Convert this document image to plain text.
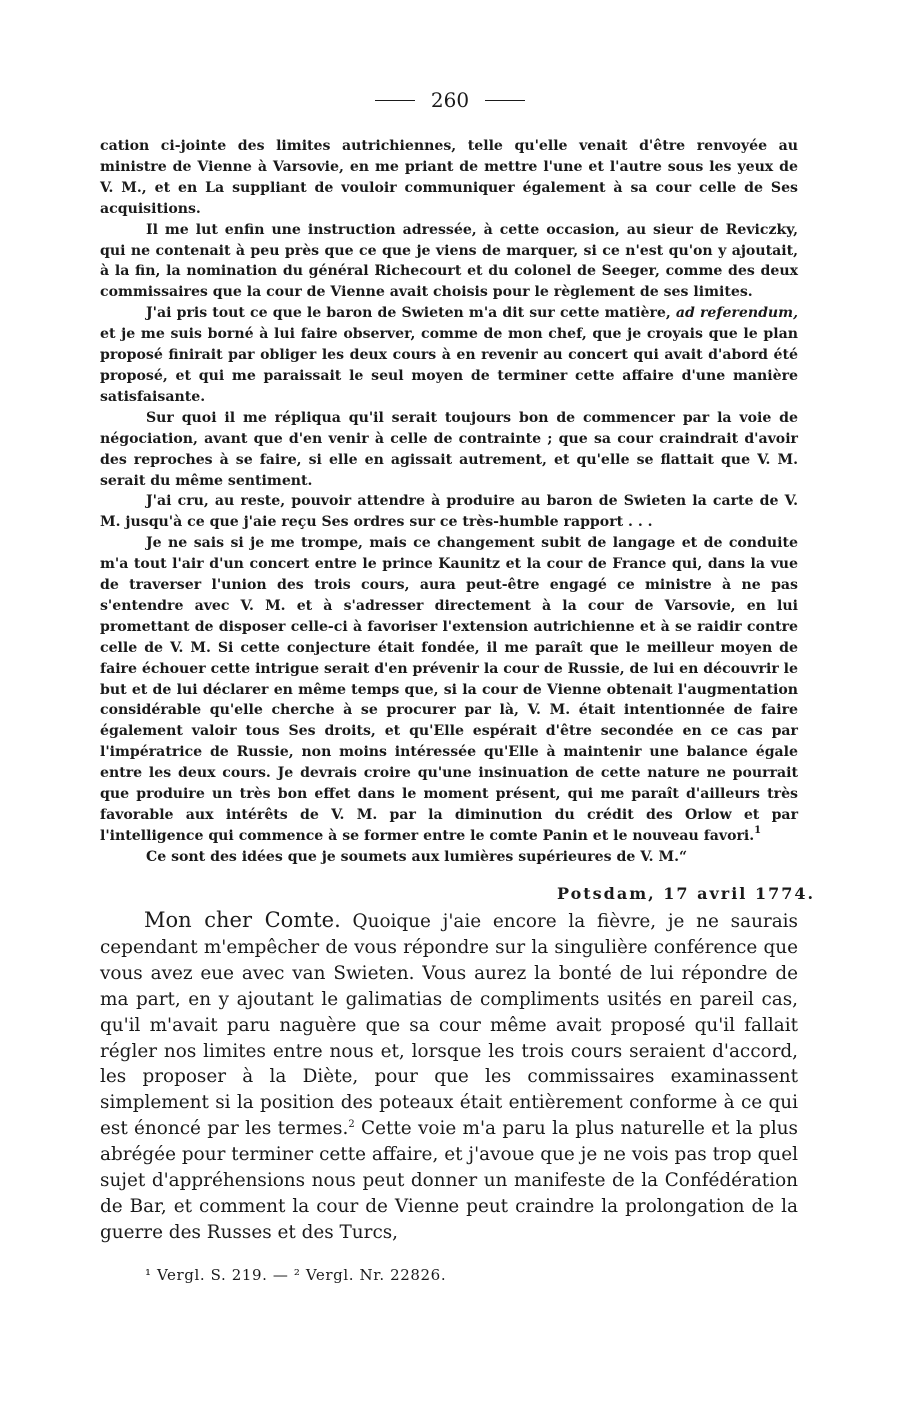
260

cation ci-jointe des limites autrichiennes, telle qu'elle venait d'être renvoyée au ministre de Vienne à Varsovie, en me priant de mettre l'une et l'autre sous les yeux de V. M., et en La suppliant de vouloir communiquer également à sa cour celle de Ses acquisitions.

Il me lut enfin une instruction adressée, à cette occasion, au sieur de Reviczky, qui ne contenait à peu près que ce que je viens de marquer, si ce n'est qu'on y ajoutait, à la fin, la nomination du général Richecourt et du colonel de Seeger, comme des deux commissaires que la cour de Vienne avait choisis pour le règlement de ses limites.

J'ai pris tout ce que le baron de Swieten m'a dit sur cette matière, ad referendum, et je me suis borné à lui faire observer, comme de mon chef, que je croyais que le plan proposé finirait par obliger les deux cours à en revenir au concert qui avait d'abord été proposé, et qui me paraissait le seul moyen de terminer cette affaire d'une manière satisfaisante.

Sur quoi il me répliqua qu'il serait toujours bon de commencer par la voie de négociation, avant que d'en venir à celle de contrainte ; que sa cour craindrait d'avoir des reproches à se faire, si elle en agissait autrement, et qu'elle se flattait que V. M. serait du même sentiment.

J'ai cru, au reste, pouvoir attendre à produire au baron de Swieten la carte de V. M. jusqu'à ce que j'aie reçu Ses ordres sur ce très-humble rapport . . .

Je ne sais si je me trompe, mais ce changement subit de langage et de conduite m'a tout l'air d'un concert entre le prince Kaunitz et la cour de France qui, dans la vue de traverser l'union des trois cours, aura peut-être engagé ce ministre à ne pas s'entendre avec V. M. et à s'adresser directement à la cour de Varsovie, en lui promettant de disposer celle-ci à favoriser l'extension autrichienne et à se raidir contre celle de V. M. Si cette conjecture était fondée, il me paraît que le meilleur moyen de faire échouer cette intrigue serait d'en prévenir la cour de Russie, de lui en découvrir le but et de lui déclarer en même temps que, si la cour de Vienne obtenait l'augmentation considérable qu'elle cherche à se procurer par là, V. M. était intentionnée de faire également valoir tous Ses droits, et qu'Elle espérait d'être secondée en ce cas par l'impératrice de Russie, non moins intéressée qu'Elle à maintenir une balance égale entre les deux cours. Je devrais croire qu'une insinuation de cette nature ne pourrait que produire un très bon effet dans le moment présent, qui me paraît d'ailleurs très favorable aux intérêts de V. M. par la diminution du crédit des Orlow et par l'intelligence qui commence à se former entre le comte Panin et le nouveau favori.$^1$

Ce sont des idées que je soumets aux lumières supérieures de V. M.“

Potsdam, 17 avril 1774.

Mon cher Comte. Quoique j'aie encore la fièvre, je ne saurais cependant m'empêcher de vous répondre sur la singulière conférence que vous avez eue avec van Swieten. Vous aurez la bonté de lui répondre de ma part, en y ajoutant le galimatias de compliments usités en pareil cas, qu'il m'avait paru naguère que sa cour même avait proposé qu'il fallait régler nos limites entre nous et, lorsque les trois cours seraient d'accord, les proposer à la Diète, pour que les commissaires examinassent simplement si la position des poteaux était entièrement conforme à ce qui est énoncé par les termes.$^2$ Cette voie m'a paru la plus naturelle et la plus abrégée pour terminer cette affaire, et j'avoue que je ne vois pas trop quel sujet d'appréhensions nous peut donner un manifeste de la Confédération de Bar, et comment la cour de Vienne peut craindre la prolongation de la guerre des Russes et des Turcs,

¹ Vergl. S. 219. — ² Vergl. Nr. 22826.
